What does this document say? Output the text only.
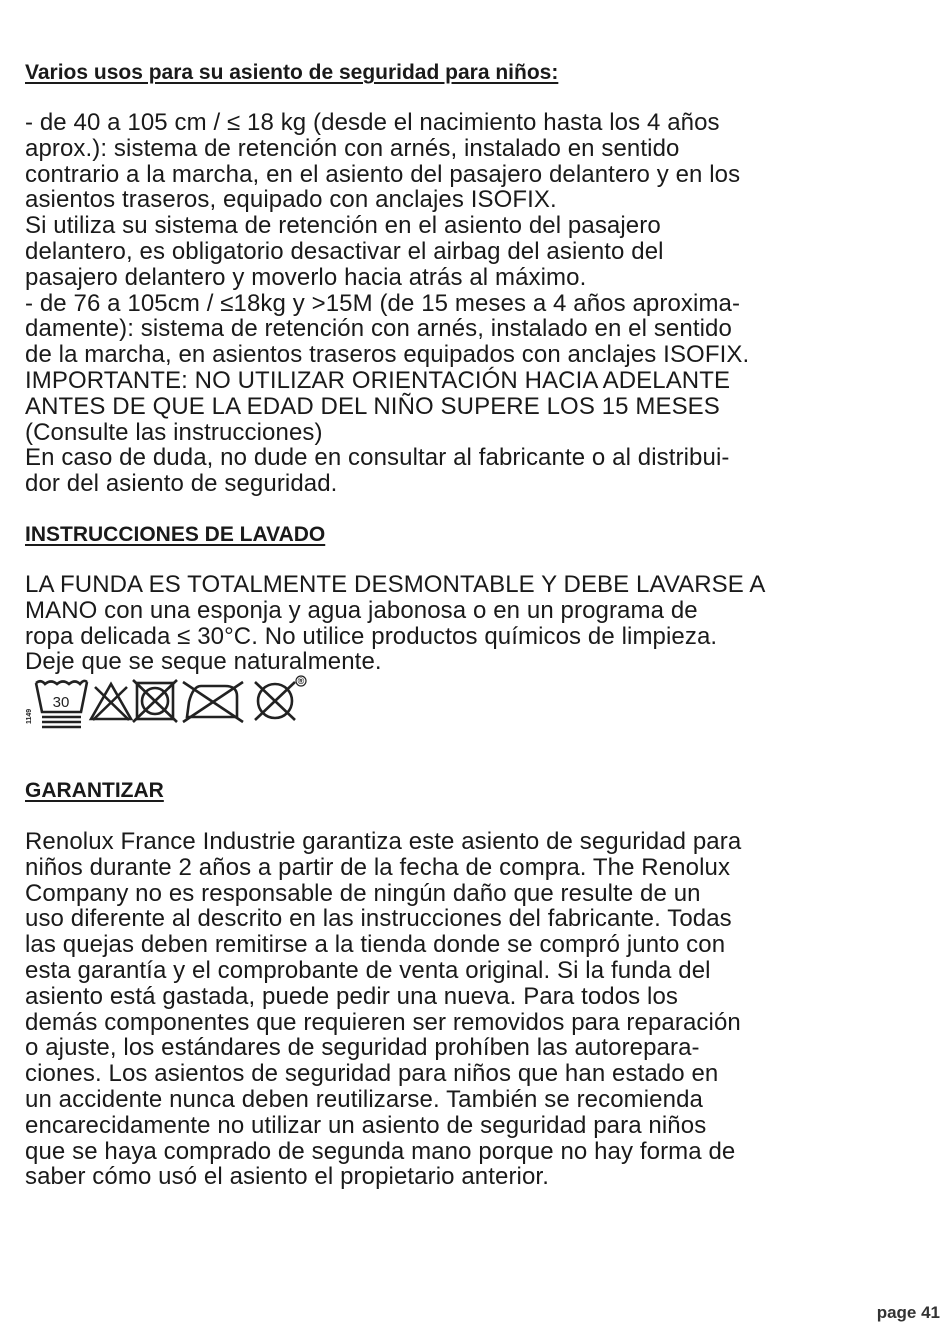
Varios usos para su asiento de seguridad para niños:
- de 40 a 105 cm / ≤ 18 kg (desde el nacimiento hasta los 4 años
aprox.): sistema de retención con arnés, instalado en sentido
contrario a la marcha, en el asiento del pasajero delantero y en los
asientos traseros, equipado con anclajes ISOFIX.
Si utiliza su sistema de retención en el asiento del pasajero
delantero, es obligatorio desactivar el airbag del asiento del
pasajero delantero y moverlo hacia atrás al máximo.
- de 76 a 105cm / ≤18kg y >15M (de 15 meses a 4 años aproxima-
damente): sistema de retención con arnés, instalado en el sentido
de la marcha, en asientos traseros equipados con anclajes ISOFIX.
IMPORTANTE: NO UTILIZAR ORIENTACIÓN HACIA ADELANTE
ANTES DE QUE LA EDAD DEL NIÑO SUPERE LOS 15 MESES
(Consulte las instrucciones)
En caso de duda, no dude en consultar al fabricante o al distribui-
dor del asiento de seguridad.
INSTRUCCIONES DE LAVADO
LA FUNDA ES TOTALMENTE DESMONTABLE Y DEBE LAVARSE A
MANO con una esponja y agua jabonosa o en un programa de
ropa delicada ≤ 30°C. No utilice productos químicos de limpieza.
Deje que se seque naturalmente.
1149
30
®
GARANTIZAR
Renolux France Industrie garantiza este asiento de seguridad para
niños durante 2 años a partir de la fecha de compra. The Renolux
Company no es responsable de ningún daño que resulte de un
uso diferente al descrito en las instrucciones del fabricante. Todas
las quejas deben remitirse a la tienda donde se compró junto con
esta garantía y el comprobante de venta original. Si la funda del
asiento está gastada, puede pedir una nueva. Para todos los
demás componentes que requieren ser removidos para reparación
o ajuste, los estándares de seguridad prohíben las autorepara-
ciones. Los asientos de seguridad para niños que han estado en
un accidente nunca deben reutilizarse. También se recomienda
encarecidamente no utilizar un asiento de seguridad para niños
que se haya comprado de segunda mano porque no hay forma de
saber cómo usó el asiento el propietario anterior.
page 41
